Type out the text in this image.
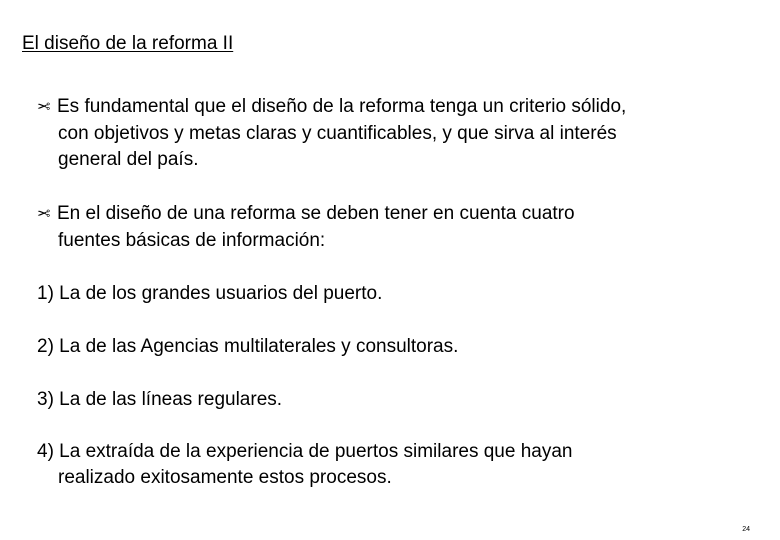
El diseño de la reforma II
✂ Es fundamental que el diseño de la reforma tenga un criterio sólido,
con objetivos y metas claras y cuantificables, y que sirva al interés
general del país.
✂ En el diseño de una reforma se deben tener en cuenta cuatro
fuentes básicas de información:
1) La de los grandes usuarios del puerto.
2) La de las Agencias multilaterales y consultoras.
3) La de las líneas regulares.
4) La extraída de la experiencia de puertos similares que hayan
realizado exitosamente estos procesos.
24
